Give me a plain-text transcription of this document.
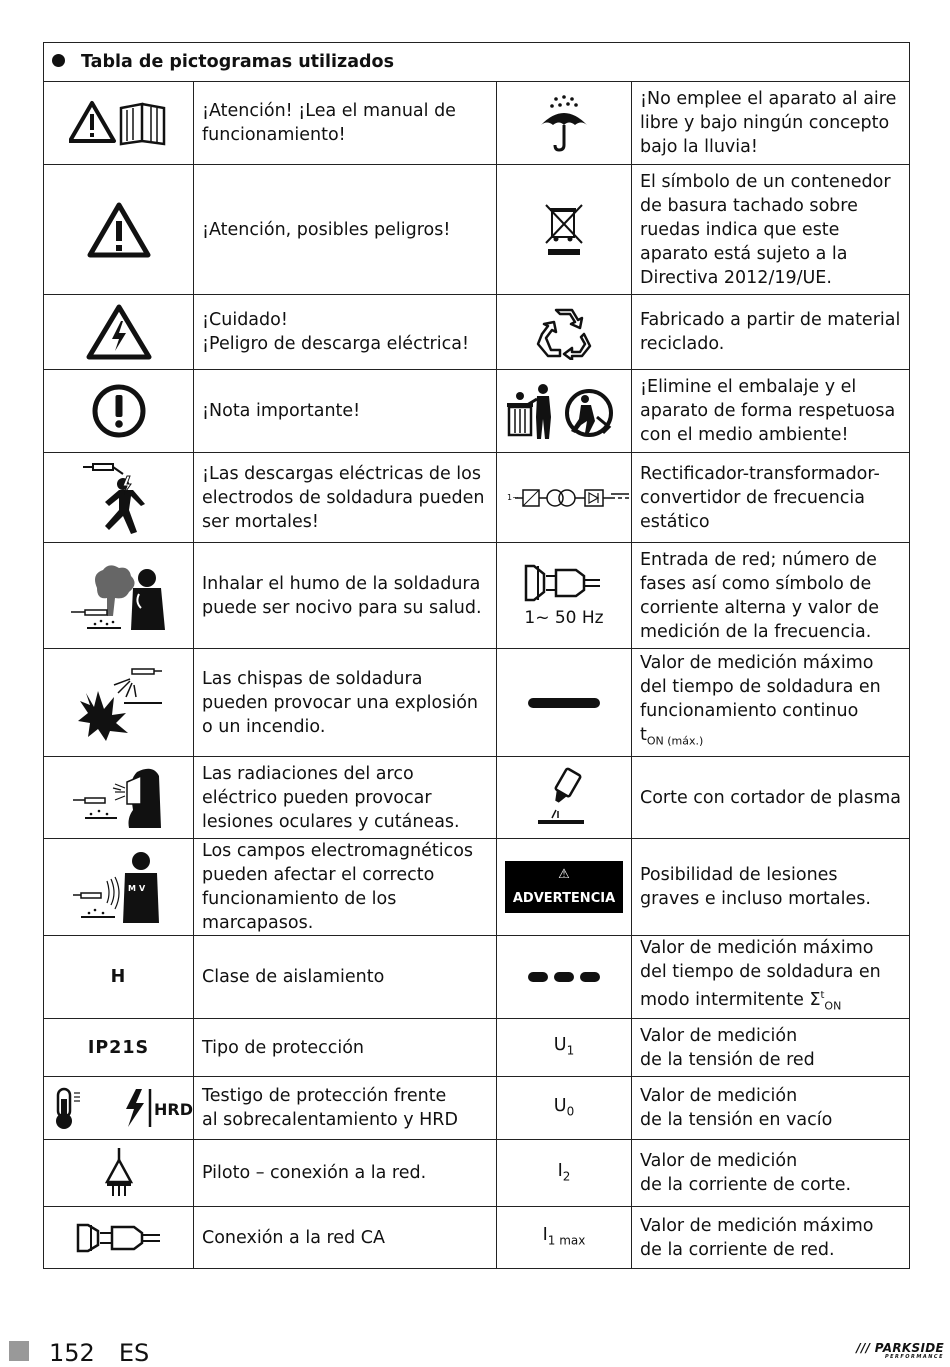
Tabla de pictogramas utilizados			

	¡Atención! ¡Lea el manual de funcionamiento!		¡No emplee el aparato al aire libre y bajo ningún concepto bajo la lluvia!

	¡Atención, posibles peligros!		El símbolo de un contenedor de basura tachado sobre ruedas indica que este aparato está sujeto a la Directiva 2012/19/UE.

	¡Cuidado!
¡Peligro de descarga eléctrica!		Fabricado a partir de material reciclado.

	¡Nota importante!		¡Elimine el embalaje y el aparato de forma respetuosa con el medio ambiente!

	¡Las descargas eléctricas de los electrodos de soldadura pueden ser mortales!	1~	Rectificador-transformador-convertidor de frecuencia estático

	Inhalar el humo de la soldadura puede ser nocivo para su salud.	1~ 50 Hz	Entrada de red; número de fases así como símbolo de corriente alterna y valor de medición de la frecuencia.

	Las chispas de soldadura pueden provocar una explosión o un incendio.		Valor de medición máximo del tiempo de soldadura en funcionamiento continuo
$t_{ON (máx.)}$

	Las radiaciones del arco eléctrico pueden provocar lesiones oculares y cutáneas.		Corte con cortador de plasma

M V	Los campos electromagnéticos pueden afectar el correcto funcionamiento de los marcapasos.	⚠ ADVERTENCIA	Posibilidad de lesiones graves e incluso mortales.
H	Clase de aislamiento		Valor de medición máximo del tiempo de soldadura en modo intermitente $\Sigma^t_{ON}$
IP21S	Tipo de protección	$U_1$	Valor de medición
de la tensión de red

HRD	Testigo de protección frente
al sobrecalentamiento y HRD	$U_0$	Valor de medición
de la tensión en vacío

	Piloto – conexión a la red.	$I_2$	Valor de medición
de la corriente de corte.

	Conexión a la red CA	$I_{1 max}$	Valor de medición máximo
de la corriente de red.
152 ES	/// PARKSIDE
PERFORMANCE
